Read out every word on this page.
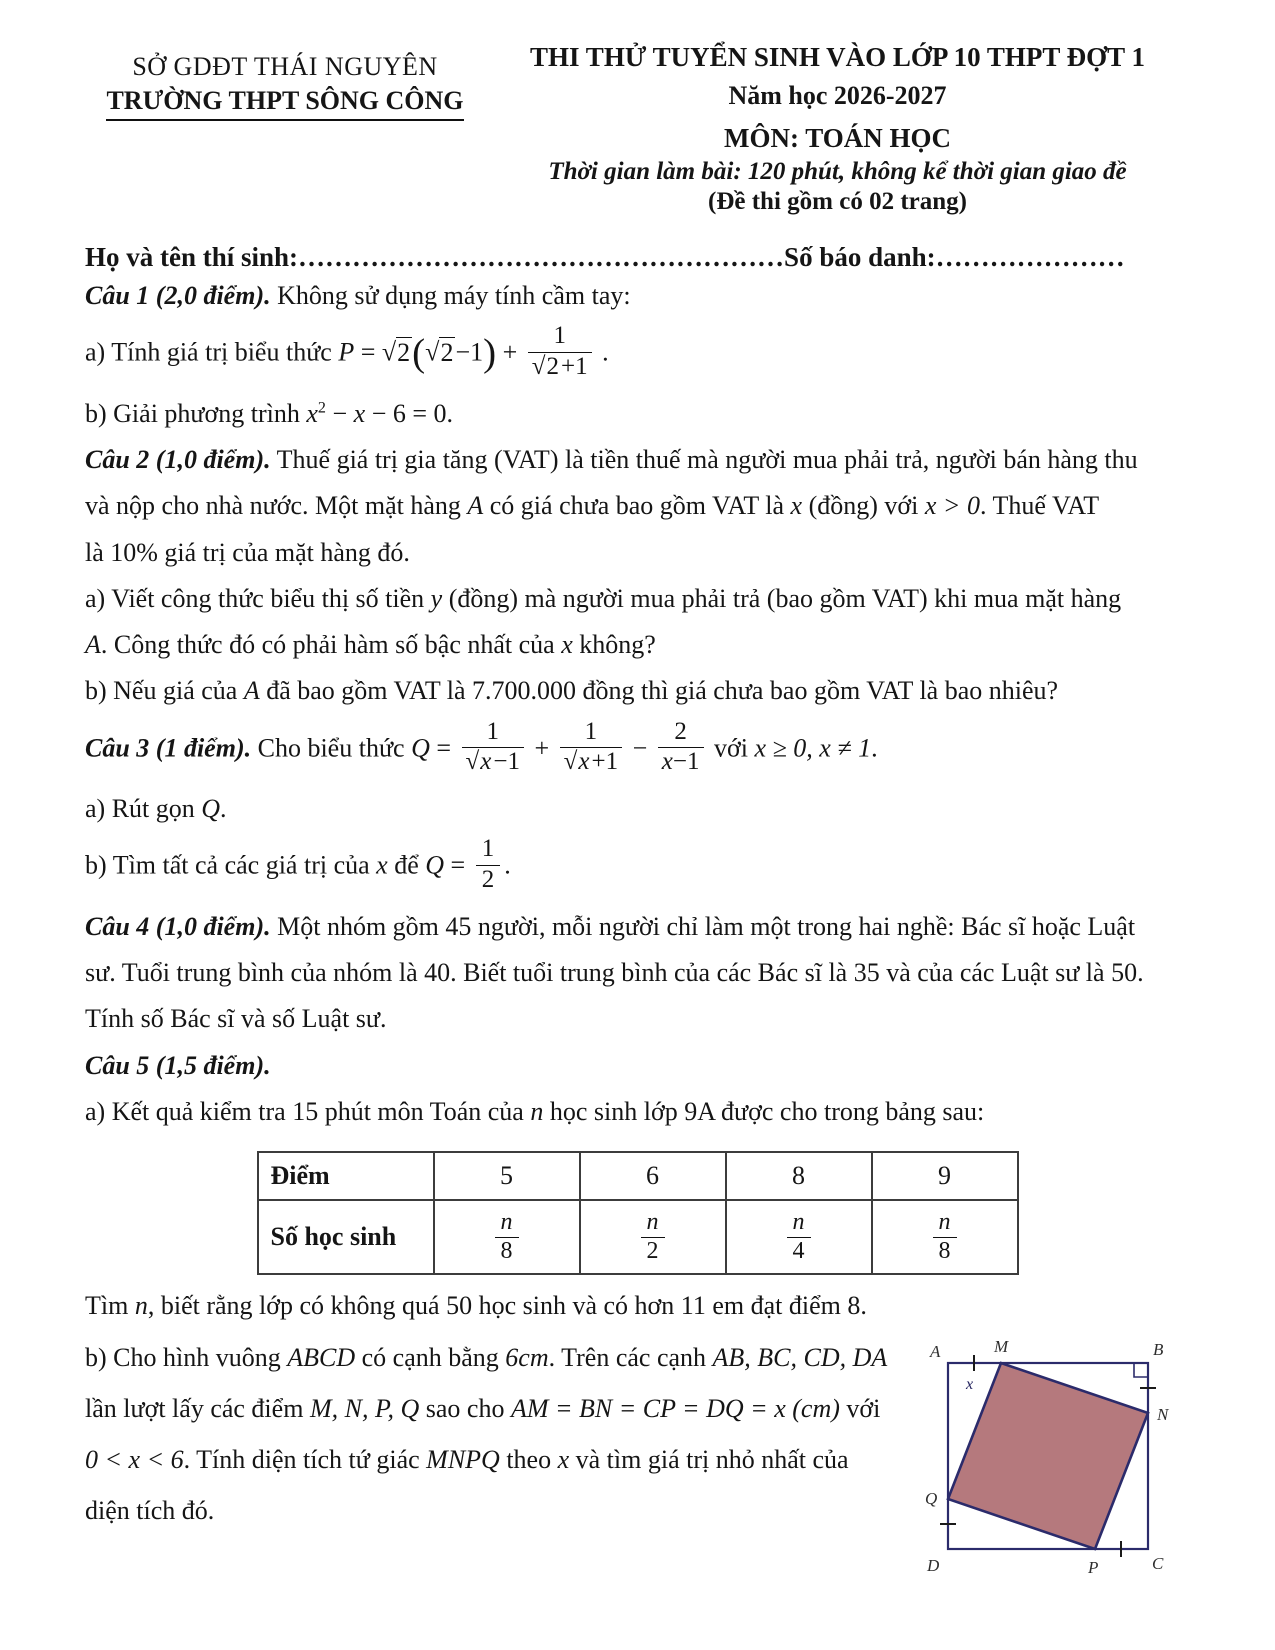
SỞ GDĐT THÁI NGUYÊN
TRƯỜNG THPT SÔNG CÔNG
THI THỬ TUYỂN SINH VÀO LỚP 10 THPT ĐỢT 1
Năm học 2026-2027
MÔN: TOÁN HỌC
Thời gian làm bài: 120 phút, không kể thời gian giao đề
(Đề thi gồm có 02 trang)
Họ và tên thí sinh:………………………………………………Số báo danh:…………………
Câu 1 (2,0 điểm). Không sử dụng máy tính cầm tay:
a) Tính giá trị biểu thức $P = √2(√2-1) + \frac{1}{√2+1}$ .
b) Giải phương trình $x^2 - x - 6 = 0$.
Câu 2 (1,0 điểm). Thuế giá trị gia tăng (VAT) là tiền thuế mà người mua phải trả, người bán hàng thu
và nộp cho nhà nước. Một mặt hàng A có giá chưa bao gồm VAT là x (đồng) với x > 0. Thuế VAT
là 10% giá trị của mặt hàng đó.
a) Viết công thức biểu thị số tiền y (đồng) mà người mua phải trả (bao gồm VAT) khi mua mặt hàng
A. Công thức đó có phải hàm số bậc nhất của x không?
b) Nếu giá của A đã bao gồm VAT là 7.700.000 đồng thì giá chưa bao gồm VAT là bao nhiêu?
Câu 3 (1 điểm). Cho biểu thức $Q = \frac{1}{√x-1} + \frac{1}{√x+1} - \frac{2}{x-1}$ với x ≥ 0, x ≠ 1.
a) Rút gọn Q.
b) Tìm tất cả các giá trị của x để $Q = \frac{1}{2}$ .
Câu 4 (1,0 điểm). Một nhóm gồm 45 người, mỗi người chỉ làm một trong hai nghề: Bác sĩ hoặc Luật
sư. Tuổi trung bình của nhóm là 40. Biết tuổi trung bình của các Bác sĩ là 35 và của các Luật sư là 50.
Tính số Bác sĩ và số Luật sư.
Câu 5 (1,5 điểm).
a) Kết quả kiểm tra 15 phút môn Toán của n học sinh lớp 9A được cho trong bảng sau:
Điểm	5	6	8	9
Số học sinh	$\frac{n}{8}$	$\frac{n}{2}$	$\frac{n}{4}$	$\frac{n}{8}$
Tìm n, biết rằng lớp có không quá 50 học sinh và có hơn 11 em đạt điểm 8.
b) Cho hình vuông ABCD có cạnh bằng 6cm. Trên các cạnh AB, BC, CD, DA
lần lượt lấy các điểm M, N, P, Q sao cho AM = BN = CP = DQ = x (cm) với
0 < x < 6. Tính diện tích tứ giác MNPQ theo x và tìm giá trị nhỏ nhất của
diện tích đó.
A	M	B
N
Q
D	P	C
x
